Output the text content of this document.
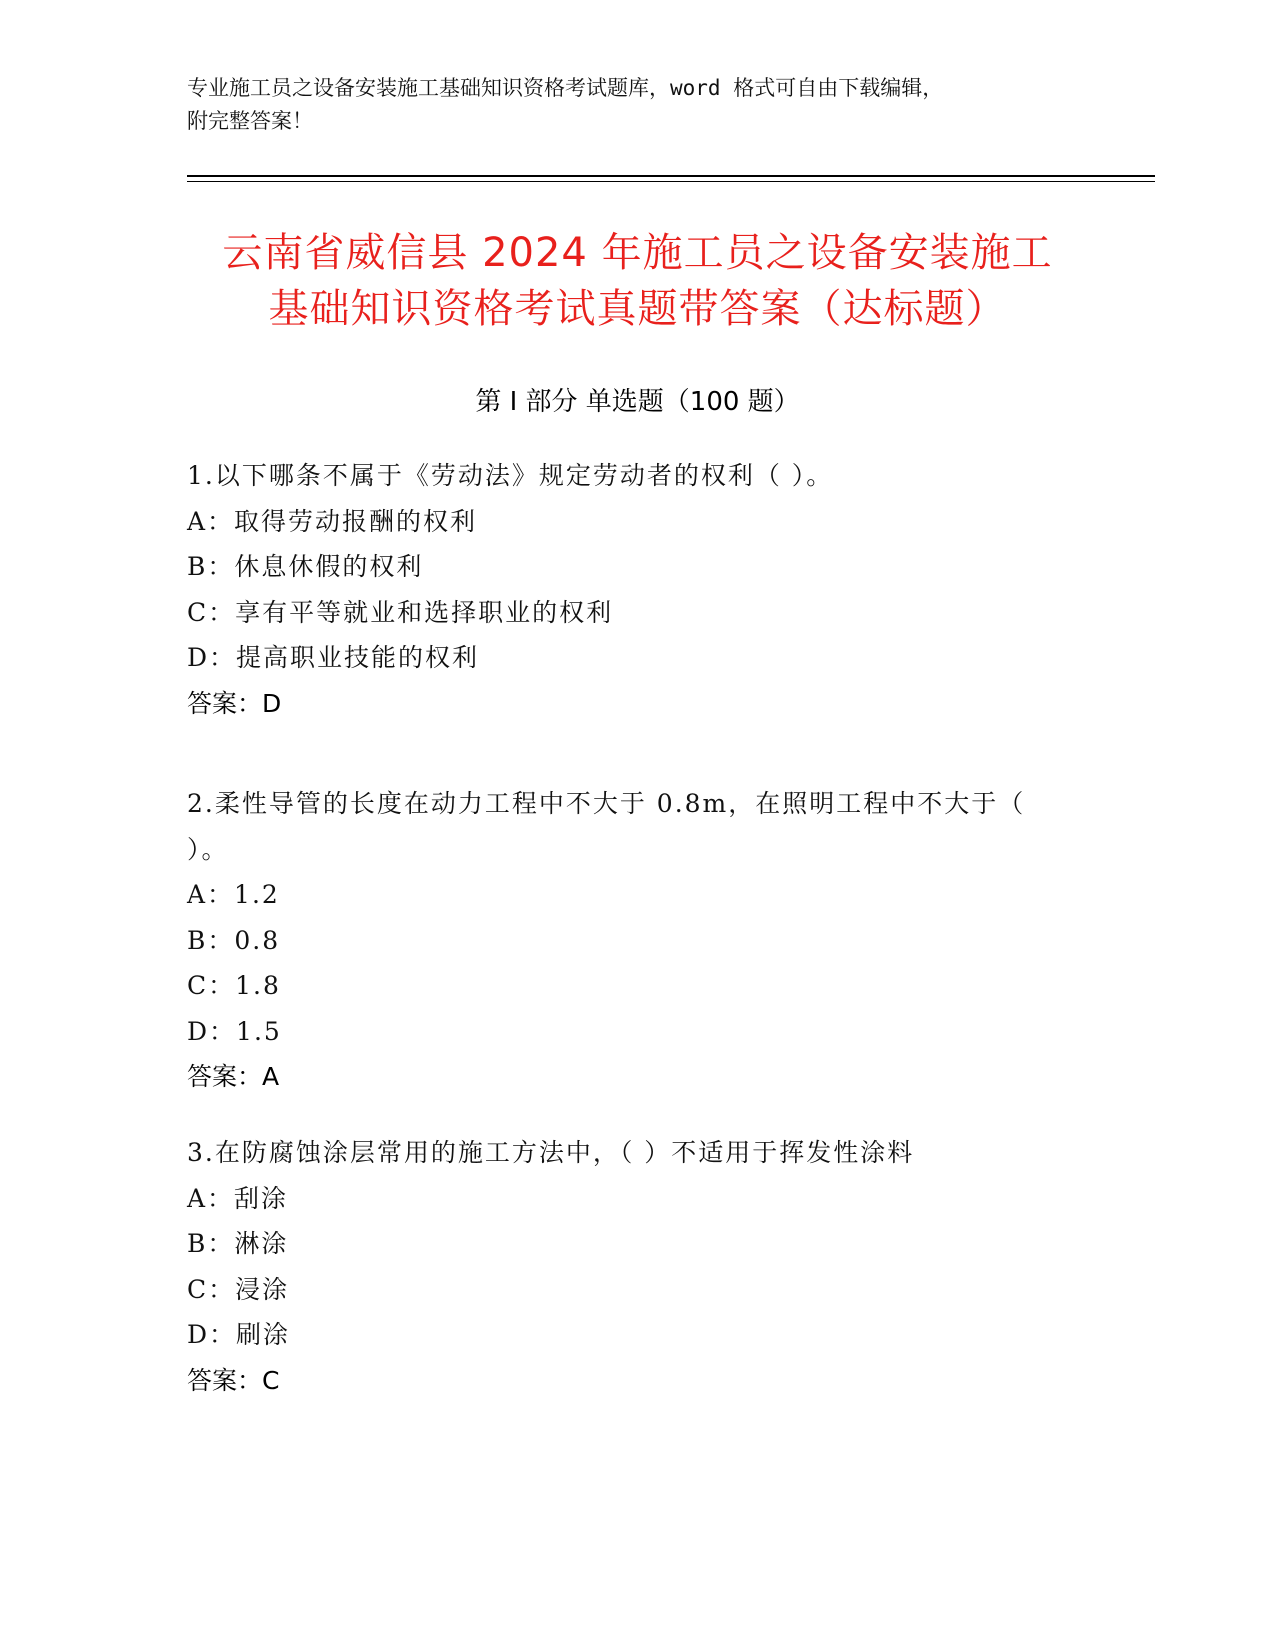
专业施工员之设备安装施工基础知识资格考试题库，word 格式可自由下载编辑，
附完整答案！
云南省威信县 2024 年施工员之设备安装施工
基础知识资格考试真题带答案（达标题）
第 I 部分 单选题（100 题）
1.以下哪条不属于《劳动法》规定劳动者的权利（ ）。
A：取得劳动报酬的权利
B：休息休假的权利
C：享有平等就业和选择职业的权利
D：提高职业技能的权利
答案：D
2.柔性导管的长度在动力工程中不大于 0.8m，在照明工程中不大于（
）。
A：1.2
B：0.8
C：1.8
D：1.5
答案：A
3.在防腐蚀涂层常用的施工方法中，（ ）不适用于挥发性涂料
A：刮涂
B：淋涂
C：浸涂
D：刷涂
答案：C
